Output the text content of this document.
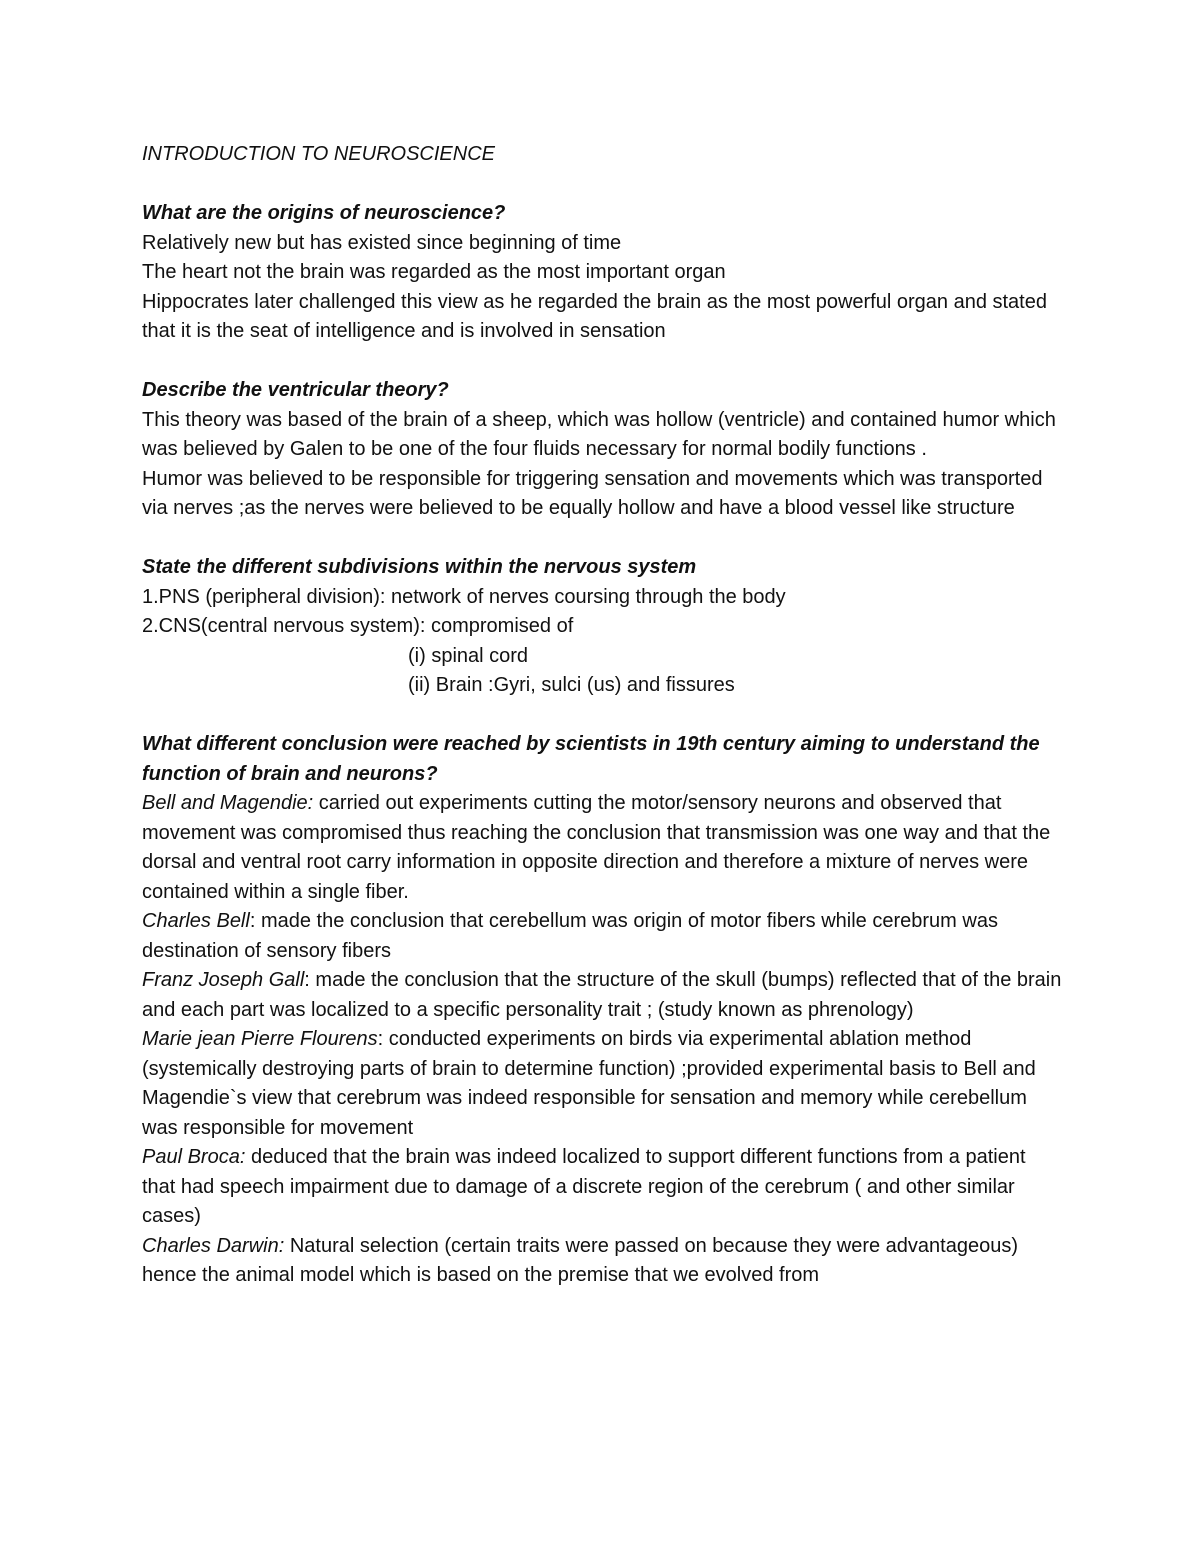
INTRODUCTION TO NEUROSCIENCE

What are the origins of neuroscience?

Relatively new but has existed since beginning of time

The heart not the brain was regarded as the most important organ

Hippocrates later challenged this view as he regarded the brain as the most powerful organ and stated that it is the seat of intelligence and is involved in sensation

Describe the ventricular theory?

This theory was based of the brain of a sheep, which was hollow (ventricle) and contained humor which was believed by Galen to be one of the four fluids necessary for normal bodily functions .

Humor was believed to be responsible for triggering sensation and movements which was transported via nerves ;as the nerves were believed to be equally hollow and have a blood vessel like structure

State the different subdivisions within the nervous system

1.PNS (peripheral division): network of nerves coursing through the body

2.CNS(central nervous system): compromised of

(i) spinal cord

(ii) Brain :Gyri, sulci (us) and fissures

What different conclusion were reached by scientists in 19th century aiming to understand the function of brain and neurons?

Bell and Magendie: carried out experiments cutting the motor/sensory neurons and observed that movement was compromised thus reaching the conclusion that transmission was one way and that the dorsal and ventral root carry information in opposite direction and therefore a mixture of nerves were contained within a single fiber.

Charles Bell: made the conclusion that cerebellum was origin of motor fibers while cerebrum was destination of sensory fibers

Franz Joseph Gall: made the conclusion that the structure of the skull (bumps) reflected that of the brain and each part was localized to a specific personality trait ; (study known as phrenology)

Marie jean Pierre Flourens: conducted experiments on birds via experimental ablation method (systemically destroying parts of brain to determine function) ;provided experimental basis to Bell and Magendie`s view that cerebrum was indeed responsible for sensation and memory while cerebellum was responsible for movement

Paul Broca: deduced that the brain was indeed localized to support different functions from a patient that had speech impairment due to damage of a discrete region of the cerebrum ( and other similar cases)

Charles Darwin: Natural selection (certain traits were passed on because they were advantageous) hence the animal model which is based on the premise that we evolved from
